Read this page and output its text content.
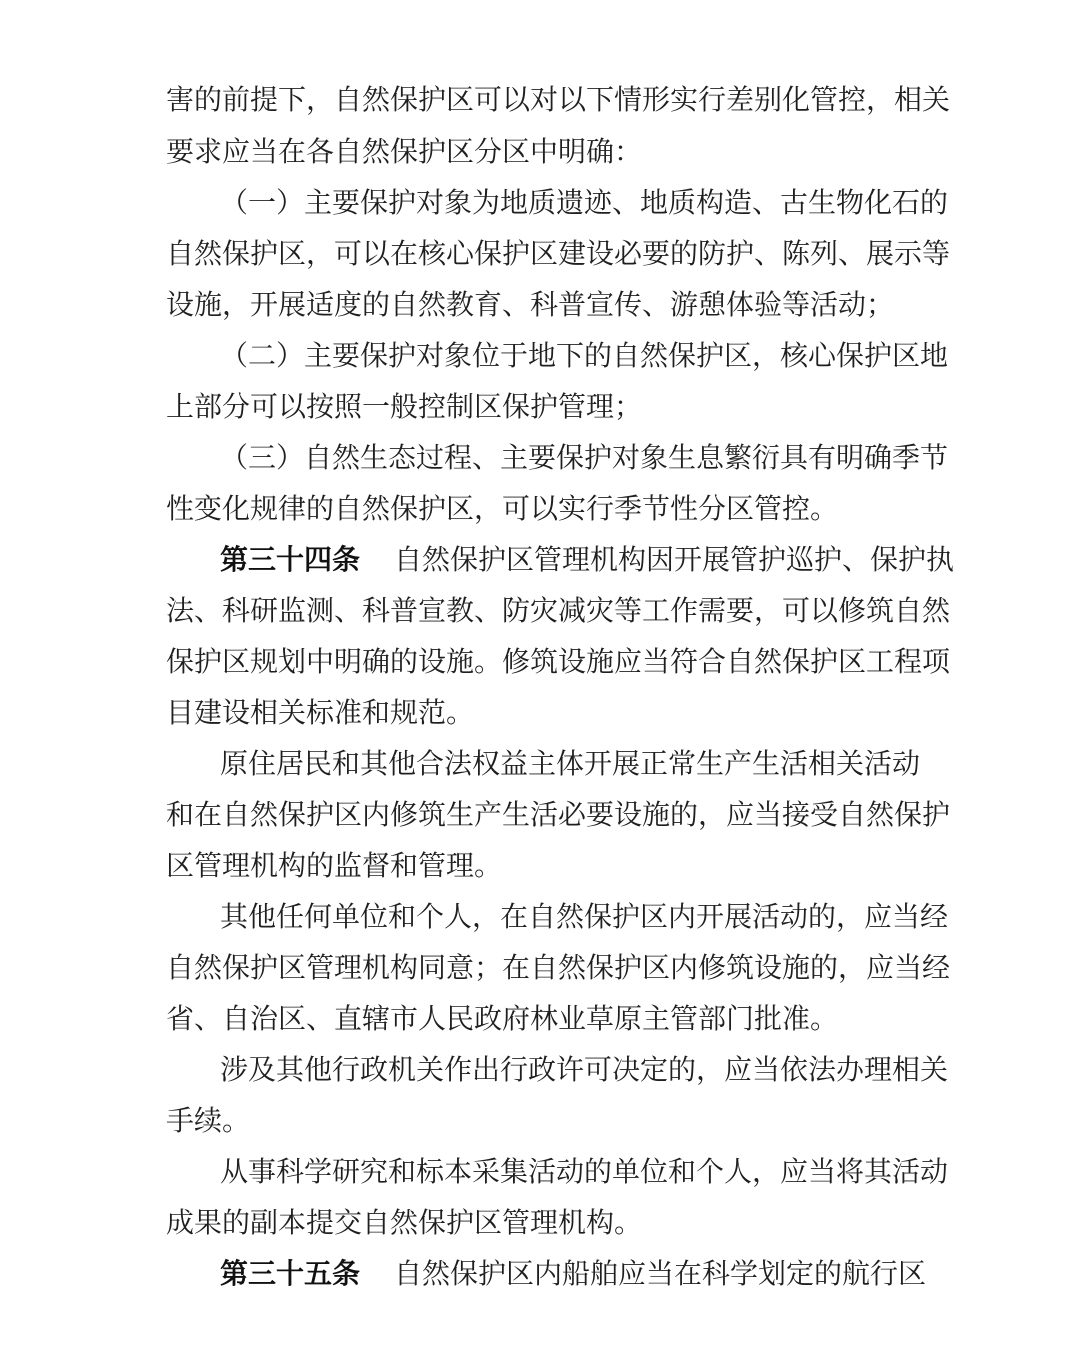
害的前提下，自然保护区可以对以下情形实行差别化管控，相关
要求应当在各自然保护区分区中明确：
（一）主要保护对象为地质遗迹、地质构造、古生物化石的
自然保护区，可以在核心保护区建设必要的防护、陈列、展示等
设施，开展适度的自然教育、科普宣传、游憩体验等活动；
（二）主要保护对象位于地下的自然保护区，核心保护区地
上部分可以按照一般控制区保护管理；
（三）自然生态过程、主要保护对象生息繁衍具有明确季节
性变化规律的自然保护区，可以实行季节性分区管控。
第三十四条 自然保护区管理机构因开展管护巡护、保护执
法、科研监测、科普宣教、防灾减灾等工作需要，可以修筑自然
保护区规划中明确的设施。修筑设施应当符合自然保护区工程项
目建设相关标准和规范。
原住居民和其他合法权益主体开展正常生产生活相关活动
和在自然保护区内修筑生产生活必要设施的，应当接受自然保护
区管理机构的监督和管理。
其他任何单位和个人，在自然保护区内开展活动的，应当经
自然保护区管理机构同意；在自然保护区内修筑设施的，应当经
省、自治区、直辖市人民政府林业草原主管部门批准。
涉及其他行政机关作出行政许可决定的，应当依法办理相关
手续。
从事科学研究和标本采集活动的单位和个人，应当将其活动
成果的副本提交自然保护区管理机构。
第三十五条 自然保护区内船舶应当在科学划定的航行区
